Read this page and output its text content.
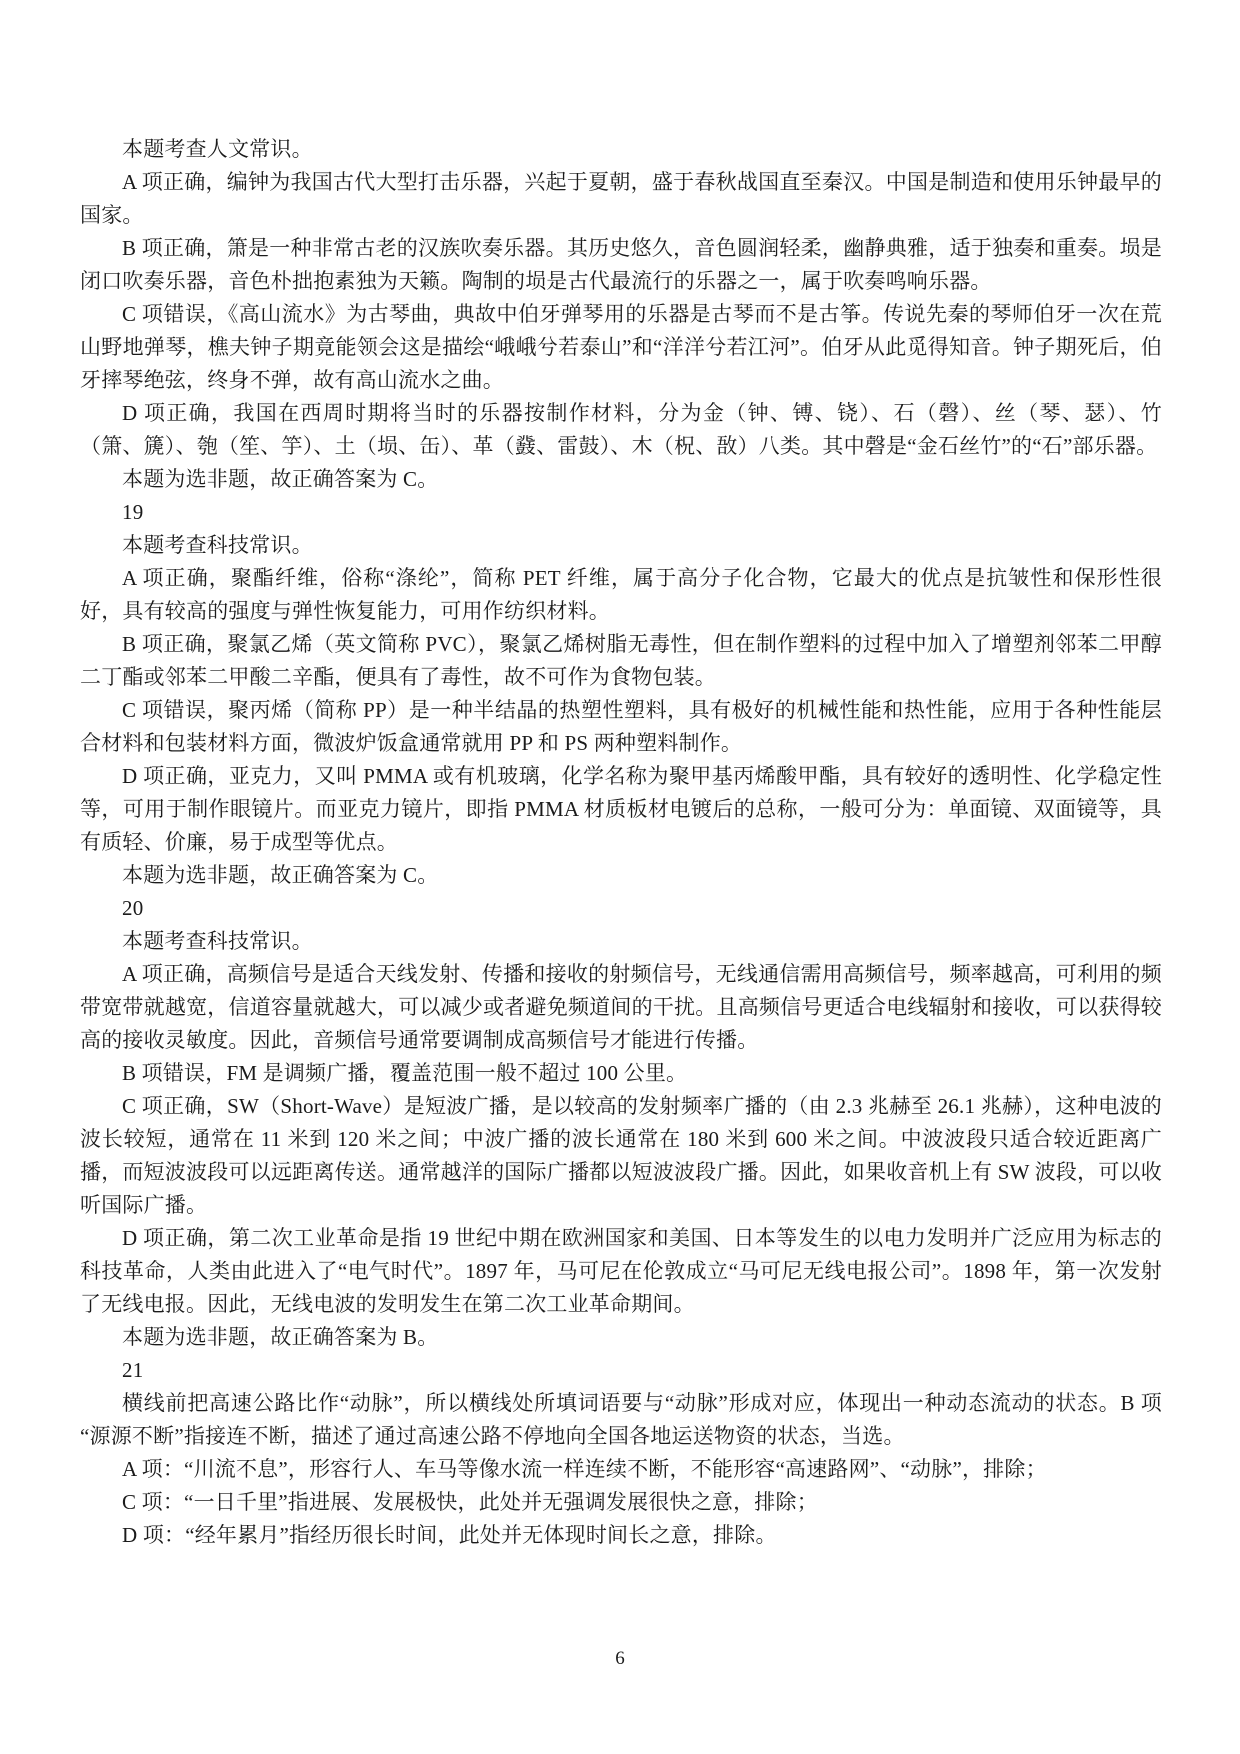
本题考查人文常识。

A 项正确，编钟为我国古代大型打击乐器，兴起于夏朝，盛于春秋战国直至秦汉。中国是制造和使用乐钟最早的国家。

B 项正确，箫是一种非常古老的汉族吹奏乐器。其历史悠久，音色圆润轻柔，幽静典雅，适于独奏和重奏。埙是闭口吹奏乐器，音色朴拙抱素独为天籁。陶制的埙是古代最流行的乐器之一，属于吹奏鸣响乐器。

C 项错误，《高山流水》为古琴曲，典故中伯牙弹琴用的乐器是古琴而不是古筝。传说先秦的琴师伯牙一次在荒山野地弹琴，樵夫钟子期竟能领会这是描绘“峨峨兮若泰山”和“洋洋兮若江河”。伯牙从此觅得知音。钟子期死后，伯牙摔琴绝弦，终身不弹，故有高山流水之曲。

D 项正确，我国在西周时期将当时的乐器按制作材料，分为金（钟、镈、铙）、石（磬）、丝（琴、瑟）、竹（箫、篪）、匏（笙、竽）、土（埙、缶）、革（鼗、雷鼓）、木（柷、敔）八类。其中磬是“金石丝竹”的“石”部乐器。

本题为选非题，故正确答案为 C。

19

本题考查科技常识。

A 项正确，聚酯纤维，俗称“涤纶”，简称 PET 纤维，属于高分子化合物，它最大的优点是抗皱性和保形性很好，具有较高的强度与弹性恢复能力，可用作纺织材料。

B 项正确，聚氯乙烯（英文简称 PVC），聚氯乙烯树脂无毒性，但在制作塑料的过程中加入了增塑剂邻苯二甲醇二丁酯或邻苯二甲酸二辛酯，便具有了毒性，故不可作为食物包装。

C 项错误，聚丙烯（简称 PP）是一种半结晶的热塑性塑料，具有极好的机械性能和热性能，应用于各种性能层合材料和包装材料方面，微波炉饭盒通常就用 PP 和 PS 两种塑料制作。

D 项正确，亚克力，又叫 PMMA 或有机玻璃，化学名称为聚甲基丙烯酸甲酯，具有较好的透明性、化学稳定性等，可用于制作眼镜片。而亚克力镜片，即指 PMMA 材质板材电镀后的总称，一般可分为：单面镜、双面镜等，具有质轻、价廉，易于成型等优点。

本题为选非题，故正确答案为 C。

20

本题考查科技常识。

A 项正确，高频信号是适合天线发射、传播和接收的射频信号，无线通信需用高频信号，频率越高，可利用的频带宽带就越宽，信道容量就越大，可以减少或者避免频道间的干扰。且高频信号更适合电线辐射和接收，可以获得较高的接收灵敏度。因此，音频信号通常要调制成高频信号才能进行传播。

B 项错误，FM 是调频广播，覆盖范围一般不超过 100 公里。

C 项正确，SW（Short-Wave）是短波广播，是以较高的发射频率广播的（由 2.3 兆赫至 26.1 兆赫），这种电波的波长较短，通常在 11 米到 120 米之间；中波广播的波长通常在 180 米到 600 米之间。中波波段只适合较近距离广播，而短波波段可以远距离传送。通常越洋的国际广播都以短波波段广播。因此，如果收音机上有 SW 波段，可以收听国际广播。

D 项正确，第二次工业革命是指 19 世纪中期在欧洲国家和美国、日本等发生的以电力发明并广泛应用为标志的科技革命，人类由此进入了“电气时代”。1897 年，马可尼在伦敦成立“马可尼无线电报公司”。1898 年，第一次发射了无线电报。因此，无线电波的发明发生在第二次工业革命期间。

本题为选非题，故正确答案为 B。

21

横线前把高速公路比作“动脉”，所以横线处所填词语要与“动脉”形成对应，体现出一种动态流动的状态。B 项“源源不断”指接连不断，描述了通过高速公路不停地向全国各地运送物资的状态，当选。

A 项：“川流不息”，形容行人、车马等像水流一样连续不断，不能形容“高速路网”、“动脉”，排除；

C 项：“一日千里”指进展、发展极快，此处并无强调发展很快之意，排除；

D 项：“经年累月”指经历很长时间，此处并无体现时间长之意，排除。

6
